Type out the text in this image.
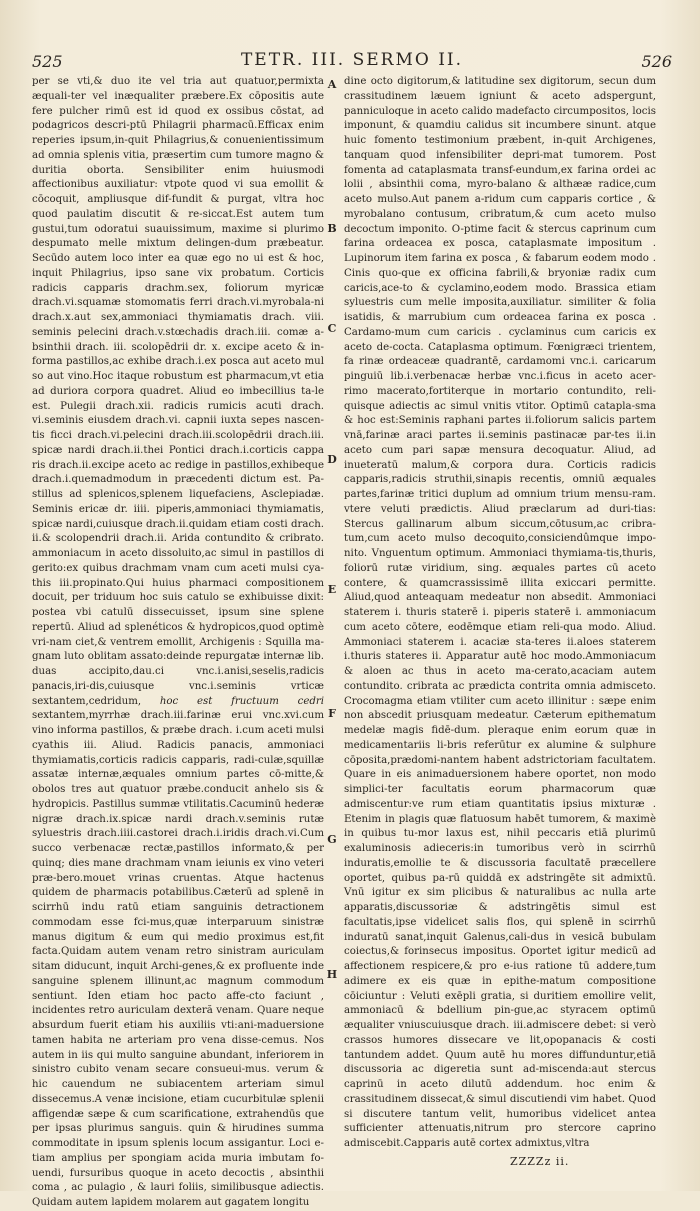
525	TETR. III. SERMO II.	526
per se vti,& duo ite vel tria aut quatuor,permixta æquali-ter vel inæqualiter præbere.Ex cōpositis aute fere pulcher rimū est id quod ex ossibus cōstat, ad podagricos descri-ptū Philagrii pharmacū.Efficax enim reperies ipsum,in-quit Philagrius,& conuenientissimum ad omnia splenis vitia, præsertim cum tumore magno & duritia oborta. Sensibiliter enim huiusmodi affectionibus auxiliatur: vtpote quod vi sua emollit & cōcoquit, ampliusque dif-fundit & purgat, vltra hoc quod paulatim discutit & re-siccat.Est autem tum gustui,tum odoratui suauissimum, maxime si plurimo despumato melle mixtum delingen-dum præbeatur. Secūdo autem loco inter ea quæ ego no ui est & hoc, inquit Philagrius, ipso sane vix probatum. Corticis radicis capparis drachm.sex, foliorum myricæ drach.vi.squamæ stomomatis ferri drach.vi.myrobala-ni drach.x.aut sex,ammoniaci thymiamatis drach. viii. seminis pelecini drach.v.stœchadis drach.iii. comæ a-bsinthii drach. iii. scolopēdrii dr. x. excipe aceto & in-forma pastillos,ac exhibe drach.i.ex posca aut aceto mul so aut vino.Hoc itaque robustum est pharmacum,vt etia ad duriora corpora quadret. Aliud eo imbecillius ta-le est. Pulegii drach.xii. radicis rumicis acuti drach. vi.seminis eiusdem drach.vi. capnii iuxta sepes nascen-tis ficci drach.vi.pelecini drach.iii.scolopēdrii drach.iii. spicæ nardi drach.ii.thei Pontici drach.i.corticis cappa ris drach.ii.excipe aceto ac redige in pastillos,exhibeque drach.i.quemadmodum in præcedenti dictum est. Pa-stillus ad splenicos,splenem liquefaciens, Asclepiadæ. Seminis ericæ dr. iiii. piperis,ammoniaci thymiamatis, spicæ nardi,cuiusque drach.ii.quidam etiam costi drach. ii.& scolopendrii drach.ii. Arida contundito & cribrato. ammoniacum in aceto dissoluito,ac simul in pastillos di gerito:ex quibus drachmam vnam cum aceti mulsi cya-this iii.propinato.Qui huius pharmaci compositionem docuit, per triduum hoc suis catulo se exhibuisse dixit: postea vbi catulū dissecuisset, ipsum sine splene repertū. Aliud ad splenéticos & hydropicos,quod optimè vri-nam ciet,& ventrem emollit, Archigenis : Squilla ma-gnam luto oblitam assato:deinde repurgatæ internæ lib. duas accipito,dau.ci vnc.i.anisi,seselis,radicis panacis,iri-dis,cuiusque vnc.i.seminis vrticæ sextantem,cedridum, hoc est fructuum cedri sextantem,myrrhæ drach.iii.farinæ erui vnc.xvi.cum vino informa pastillos, & præbe drach. i.cum aceti mulsi cyathis iii. Aliud. Radicis panacis, ammoniaci thymiamatis,corticis radicis capparis, radi-culæ,squillæ assatæ internæ,æquales omnium partes cō-mitte,& obolos tres aut quatuor præbe.conducit anhelo sis & hydropicis. Pastillus summæ vtilitatis.Cacuminū hederæ nigræ drach.ix.spicæ nardi drach.v.seminis rutæ syluestris drach.iiii.castorei drach.i.iridis drach.vi.Cum succo verbenacæ rectæ,pastillos informato,& per quinq; dies mane drachmam vnam ieiunis ex vino veteri præ-bero.mouet vrinas cruentas. Atque hactenus quidem de pharmacis potabilibus.Cæterū ad splenē in scirrhū indu ratū etiam sanguinis detractionem commodam esse fci-mus,quæ interparuum sinistræ manus digitum & eum qui medio proximus est,fit facta.Quidam autem venam retro sinistram auriculam sitam diducunt, inquit Archi-genes,& ex profluente inde sanguine splenem illinunt,ac magnum commodum sentiunt. Iden etiam hoc pacto affe-cto faciunt , incidentes retro auriculam dexteră venam. Quare neque absurdum fuerit etiam his auxiliis vti:ani-maduersione tamen habita ne arteriam pro vena disse-cemus. Nos autem in iis qui multo sanguine abundant, inferiorem in sinistro cubito venam secare consueui-mus. verum & hic cauendum ne subiacentem arteriam simul dissecemus.A venæ incisione, etiam cucurbitulæ splenii affigendæ sæpe & cum scarificatione, extrahendūs que per ipsas plurimus sanguis. quin & hirudines summa commoditate in ipsum splenis locum assigantur. Loci e-tiam amplius per spongiam acida muria imbutam fo-uendi, fursuribus quoque in aceto decoctis , absinthii coma , ac pulagio , & lauri foliis, similibusque adiectis. Quidam autem lapidem molarem aut gagatem longitu
A
B
C
D
E
F
G
H
dine octo digitorum,& latitudine sex digitorum, secun dum crassitudinem læuem igniunt & aceto adspergunt, panniculoque in aceto calido madefacto circumpositos, locis imponunt, & quamdiu calidus sit incumbere sinunt. atque huic fomento testimonium præbent, in-quit Archigenes, tanquam quod infensibiliter depri-mat tumorem. Post fomenta ad cataplasmata transf-eundum,ex farina ordei ac lolii , absinthii coma, myro-balano & althææ radice,cum aceto mulso.Aut panem a-ridum cum capparis cortice , & myrobalano contusum, cribratum,& cum aceto mulso decoctum imponito. O-ptime facit & stercus caprinum cum farina ordeacea ex posca, cataplasmate impositum . Lupinorum item farina ex posca , & fabarum eodem modo . Cinis quo-que ex officina fabrili,& bryoniæ radix cum caricis,ace-to & cyclamino,eodem modo. Brassica etiam syluestris cum melle imposita,auxiliatur. similiter & folia isatidis, & marrubium cum ordeacea farina ex posca . Cardamo-mum cum caricis . cyclaminus cum caricis ex aceto de-cocta. Cataplasma optimum. Fœnigræci trientem, fa rinæ ordeaceæ quadrantē, cardamomi vnc.i. caricarum pinguiū lib.i.verbenacæ herbæ vnc.i.ficus in aceto acer-rimo macerato,fortiterque in mortario contundito, reli-quisque adiectis ac simul vnitis vtitor. Optimū catapla-sma & hoc est:Seminis raphani partes ii.foliorum salicis partem vnā,farinæ araci partes ii.seminis pastinacæ par-tes ii.in aceto cum pari sapæ mensura decoquatur. Aliud, ad inueteratū malum,& corpora dura. Corticis radicis capparis,radicis struthii,sinapis recentis, omniū æquales partes,farinæ tritici duplum ad omnium trium mensu-ram. vtere veluti prædictis. Aliud præclarum ad duri-tias: Stercus gallinarum album siccum,cōtusum,ac cribra-tum,cum aceto mulso decoquito,consiciendûmque impo-nito. Vnguentum optimum. Ammoniaci thymiama-tis,thuris, foliorū rutæ viridium, sing. æquales partes cū aceto contere, & quamcrassissimē illita exiccari permitte. Aliud,quod anteaquam medeatur non absedit. Ammoniaci staterem i. thuris staterē i. piperis staterē i. ammoniacum cum aceto cōtere, eodēmque etiam reli-qua modo. Aliud. Ammoniaci staterem i. acaciæ sta-teres ii.aloes staterem i.thuris stateres ii. Apparatur autē hoc modo.Ammoniacum & aloen ac thus in aceto ma-cerato,acaciam autem contundito. cribrata ac prædicta contrita omnia admisceto. Crocomagma etiam vtiliter cum aceto illinitur : sæpe enim non abscedit priusquam medeatur. Cæterum epithematum medelæ magis fidē-dum. pleraque enim eorum quæ in medicamentariis li-bris referūtur ex alumine & sulphure cōposita,prædomi-nantem habent adstrictoriam facultatem. Quare in eis animaduersionem habere oportet, non modo simplici-ter facultatis eorum pharmacorum quæ admiscentur:ve rum etiam quantitatis ipsius mixturæ . Etenim in plagis quæ flatuosum habēt tumorem, & maximè in quibus tu-mor laxus est, nihil peccaris etiā plurimū exaluminosis adieceris:in tumoribus verò in scirrhū induratis,emollie te & discussoria facultatē præcellere oportet, quibus pa-rū quiddā ex adstringēte sit admixtū. Vnū igitur ex sim plicibus & naturalibus ac nulla arte apparatis,discussoriæ & adstringētis simul est facultatis,ipse videlicet salis flos, qui splenē in scirrhū induratū sanat,inquit Galenus,cali-dus in vesicā bubulam coiectus,& forinsecus impositus. Oportet igitur medicū ad affectionem respicere,& pro e-ius ratione tū addere,tum adimere ex eis quæ in epithe-matum compositione cōiciuntur : Veluti exēpli gratia, si duritiem emollire velit, ammoniacū & bdellium pin-gue,ac styracem optimū æqualiter vniuscuiusque drach. iii.admiscere debet: si verò crassos humores dissecare ve lit,opopanacis & costi tantundem addet. Quum autē hu mores diffunduntur,etiā discussoria ac digeretia sunt ad-miscenda:aut stercus caprinū in aceto dilutū addendum. hoc enim & crassitudinem dissecat,& simul discutiendi vim habet. Quod si discutere tantum velit, humoribus videlicet antea sufficienter attenuatis,nitrum pro stercore caprino admiscebit.Capparis autē cortex admixtus,vltra
ZZZZz ii.
